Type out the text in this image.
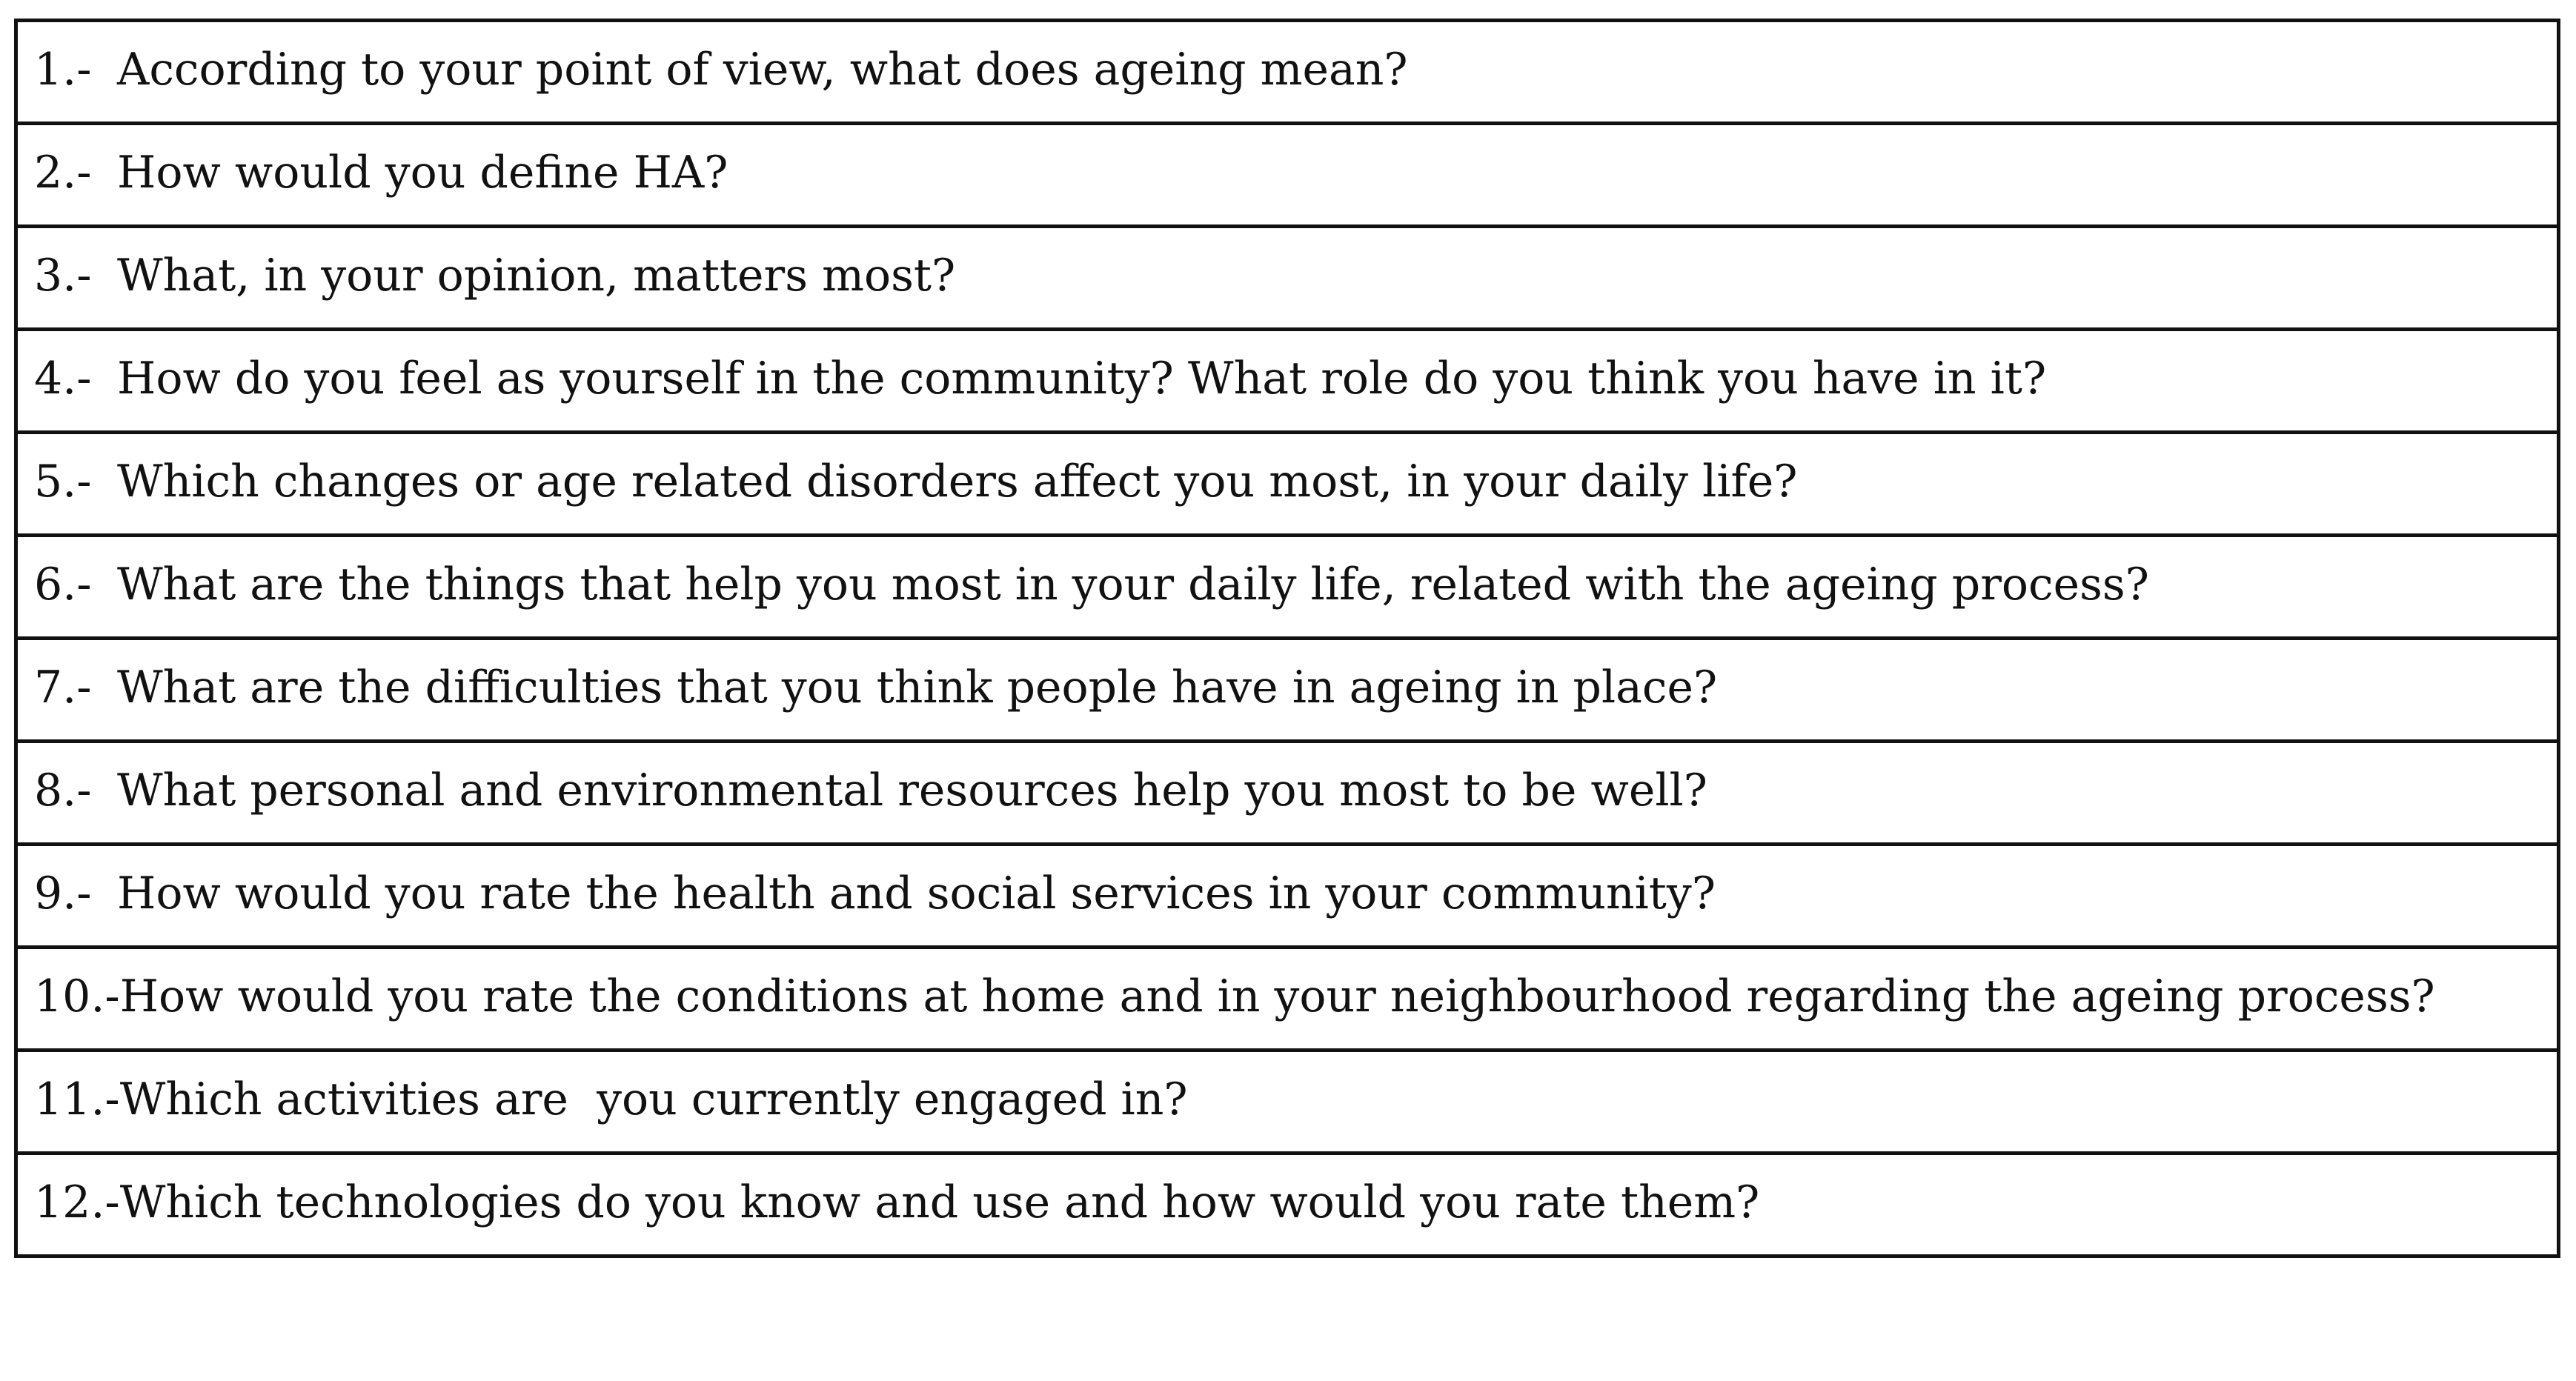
1.- According to your point of view, what does ageing mean?
2.- How would you define HA?
3.- What, in your opinion, matters most?
4.- How do you feel as yourself in the community? What role do you think you have in it?
5.- Which changes or age related disorders affect you most, in your daily life?
6.- What are the things that help you most in your daily life, related with the ageing process?
7.- What are the difficulties that you think people have in ageing in place?
8.- What personal and environmental resources help you most to be well?
9.- How would you rate the health and social services in your community?
10.-How would you rate the conditions at home and in your neighbourhood regarding the ageing process?
11.-Which activities are  you currently engaged in?
12.-Which technologies do you know and use and how would you rate them?
